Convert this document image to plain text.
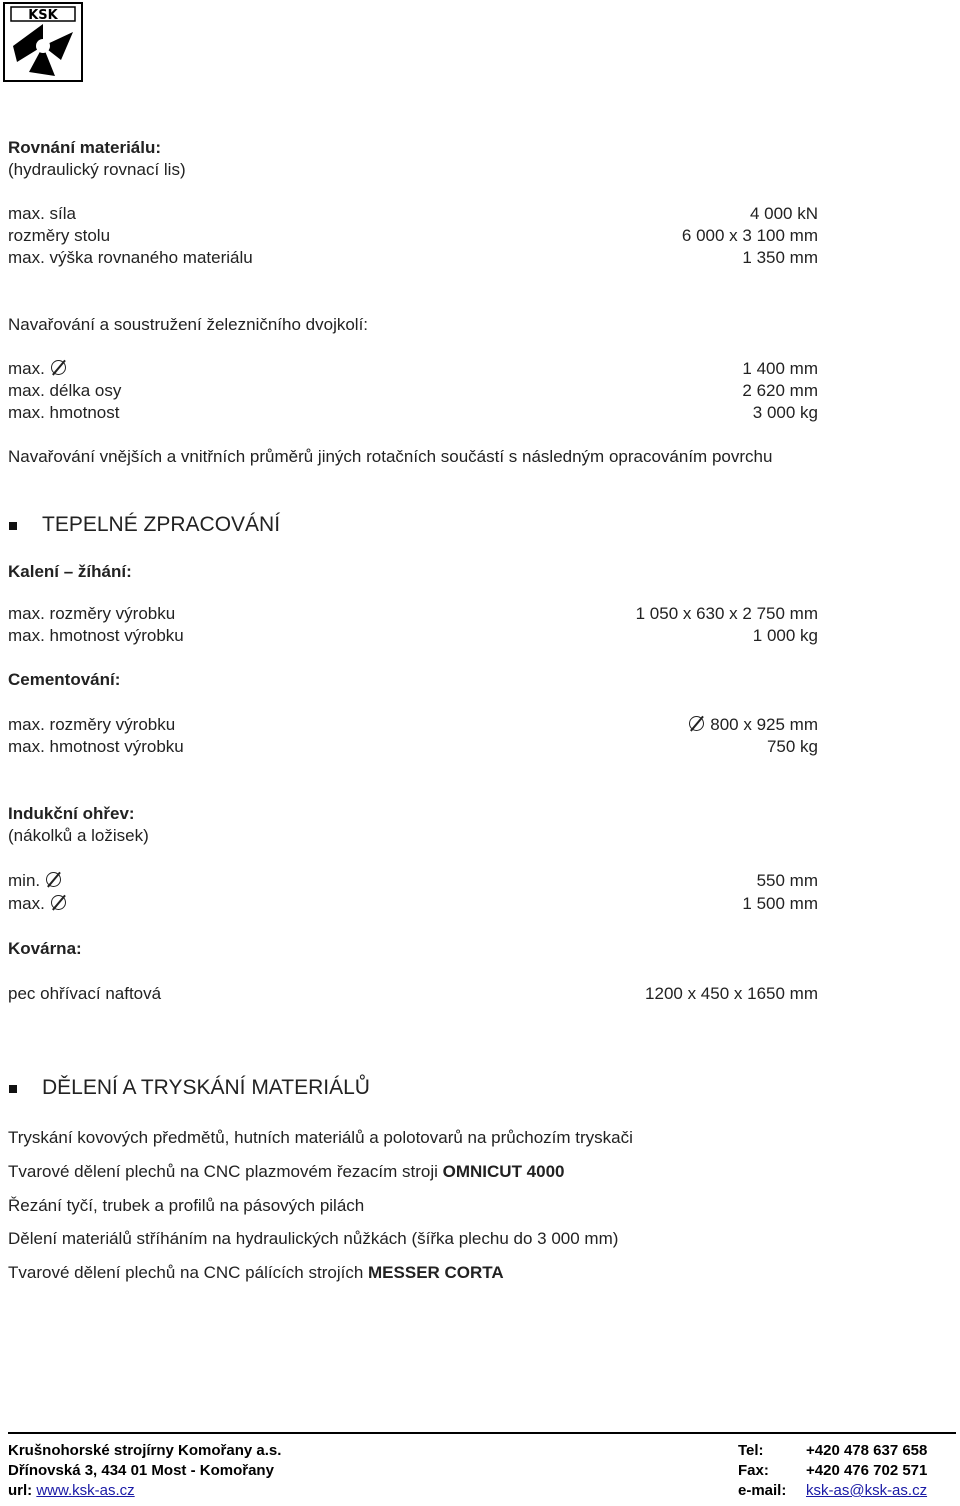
KSK
Rovnání materiálu:
(hydraulický rovnací lis)
max. síla	4 000 kN
rozměry stolu	6 000 x 3 100 mm
max. výška rovnaného materiálu	1 350 mm
Navařování a soustružení železničního dvojkolí:
max.	1 400 mm
max. délka osy	2 620 mm
max. hmotnost	3 000 kg
Navařování vnějších a vnitřních průměrů jiných rotačních součástí s následným opracováním povrchu
TEPELNÉ ZPRACOVÁNÍ
Kalení – žíhání:
max. rozměry výrobku	1 050 x 630 x 2 750 mm
max. hmotnost výrobku	1 000 kg
Cementování:
max. rozměry výrobku	800 x 925 mm
max. hmotnost výrobku	750 kg
Indukční ohřev:
(nákolků a ložisek)
min.	550 mm
max.	1 500 mm
Kovárna:
pec ohřívací naftová	1200 x 450 x 1650 mm
DĚLENÍ A TRYSKÁNÍ MATERIÁLŮ
Tryskání kovových předmětů, hutních materiálů a polotovarů na průchozím tryskači
Tvarové dělení plechů na CNC plazmovém řezacím stroji OMNICUT 4000
Řezání tyčí, trubek a profilů na pásových pilách
Dělení materiálů stříháním na hydraulických nůžkách (šířka plechu do 3 000 mm)
Tvarové dělení plechů na CNC pálících strojích MESSER CORTA
Krušnohorské strojírny Komořany a.s.
Dřínovská 3, 434 01 Most - Komořany
url: www.ksk-as.cz
Tel:	+420 478 637 658
Fax: +420 476 702 571
e-mail: ksk-as@ksk-as.cz
